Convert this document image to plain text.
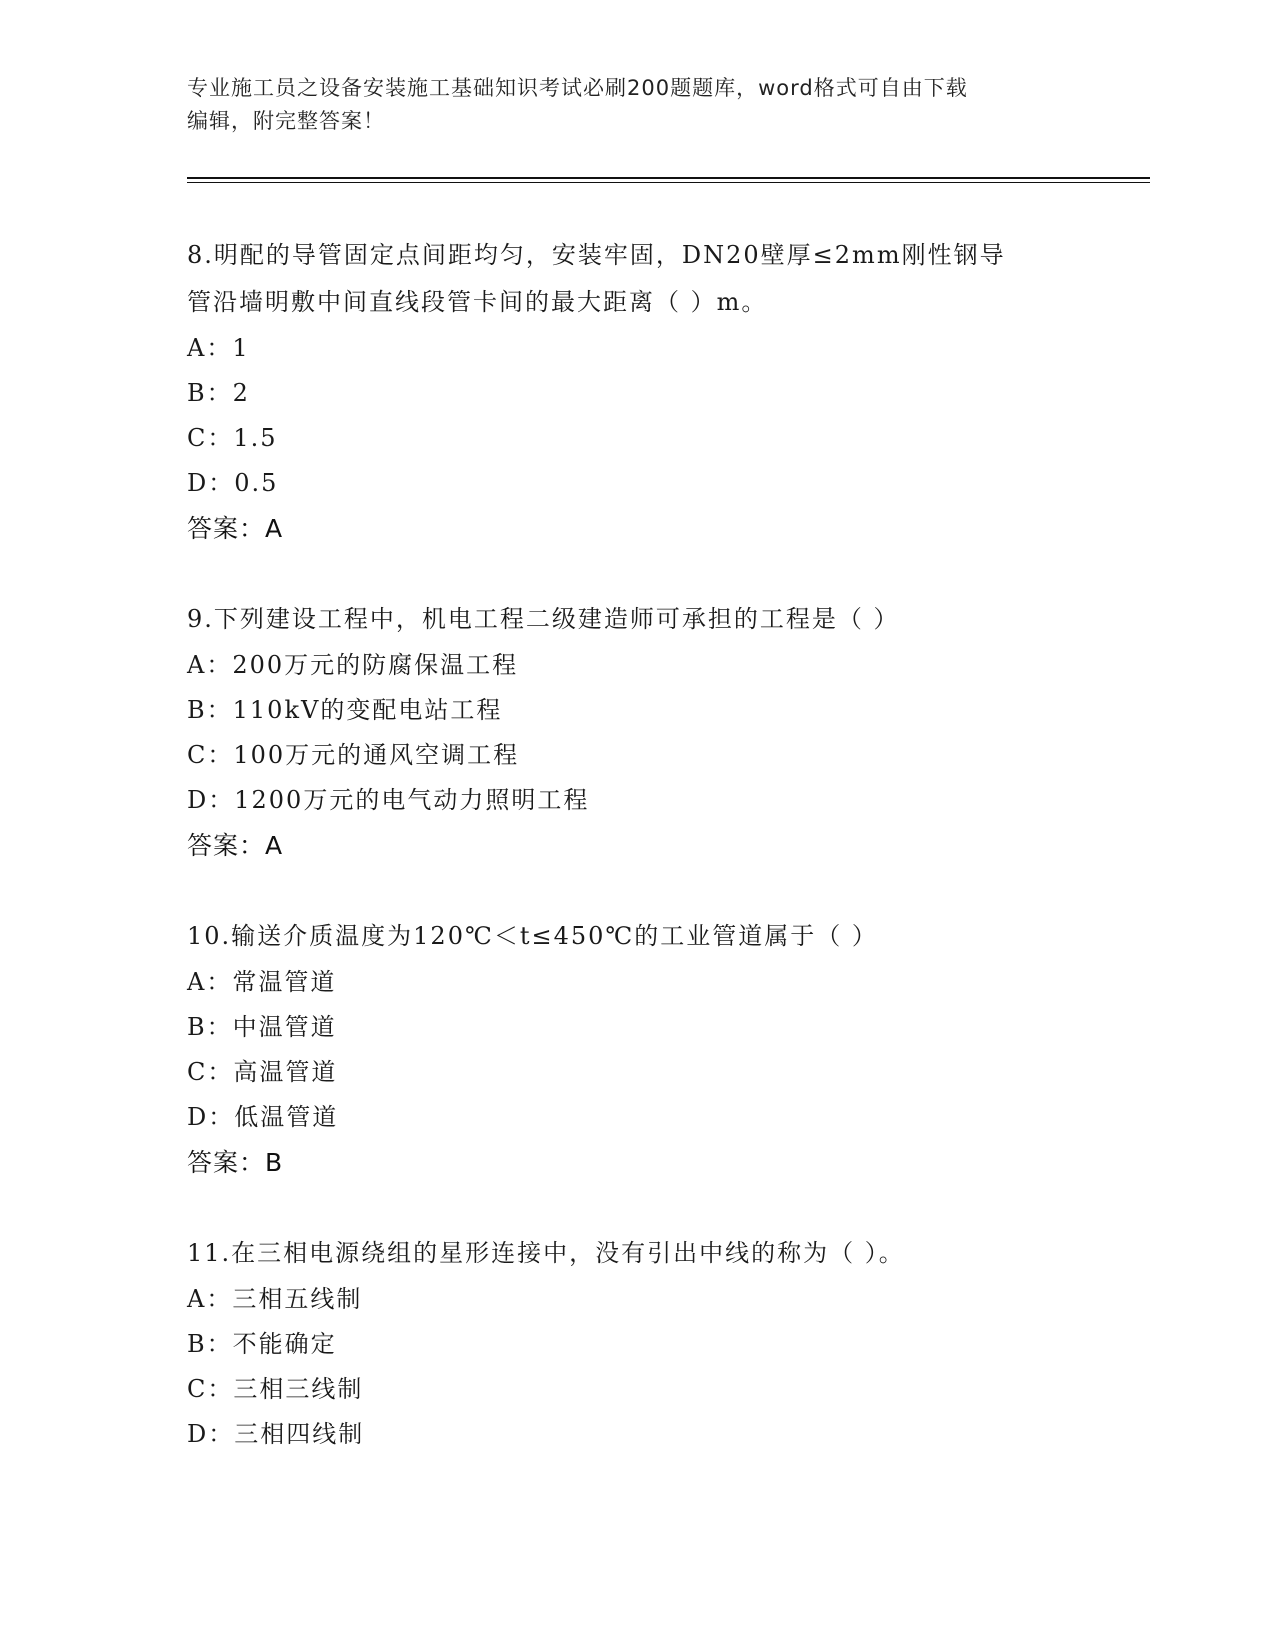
专业施工员之设备安装施工基础知识考试必刷200题题库，word格式可自由下载
编辑，附完整答案！

8.明配的导管固定点间距均匀，安装牢固，DN20壁厚≤2mm刚性钢导

管沿墙明敷中间直线段管卡间的最大距离（ ）m。

A：1
B：2
C：1.5
D：0.5
答案：A

9.下列建设工程中，机电工程二级建造师可承担的工程是（ ）

A：200万元的防腐保温工程
B：110kV的变配电站工程
C：100万元的通风空调工程
D：1200万元的电气动力照明工程
答案：A

10.输送介质温度为120℃＜t≤450℃的工业管道属于（ ）

A：常温管道
B：中温管道
C：高温管道
D：低温管道
答案：B

11.在三相电源绕组的星形连接中，没有引出中线的称为（ ）。

A：三相五线制
B：不能确定
C：三相三线制
D：三相四线制
